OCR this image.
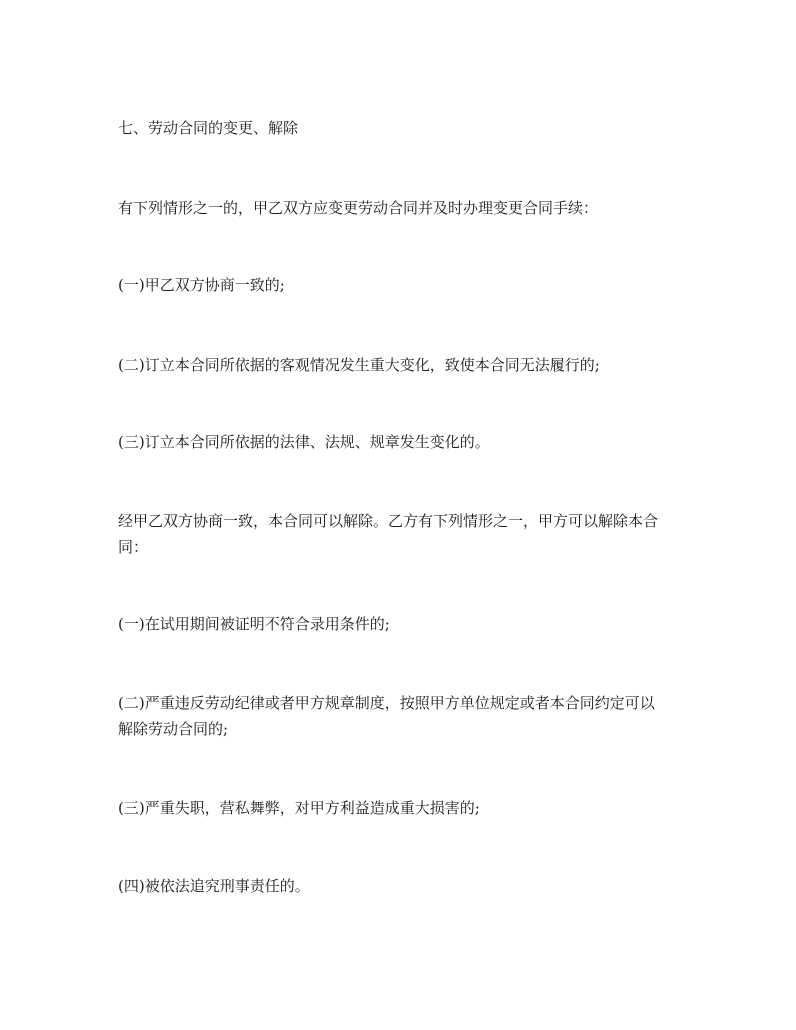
七、劳动合同的变更、解除
有下列情形之一的，甲乙双方应变更劳动合同并及时办理变更合同手续：
(一)甲乙双方协商一致的;
(二)订立本合同所依据的客观情况发生重大变化，致使本合同无法履行的;
(三)订立本合同所依据的法律、法规、规章发生变化的。
经甲乙双方协商一致，本合同可以解除。乙方有下列情形之一，甲方可以解除本合
同：
(一)在试用期间被证明不符合录用条件的;
(二)严重违反劳动纪律或者甲方规章制度，按照甲方单位规定或者本合同约定可以
解除劳动合同的;
(三)严重失职，营私舞弊，对甲方利益造成重大损害的;
(四)被依法追究刑事责任的。
